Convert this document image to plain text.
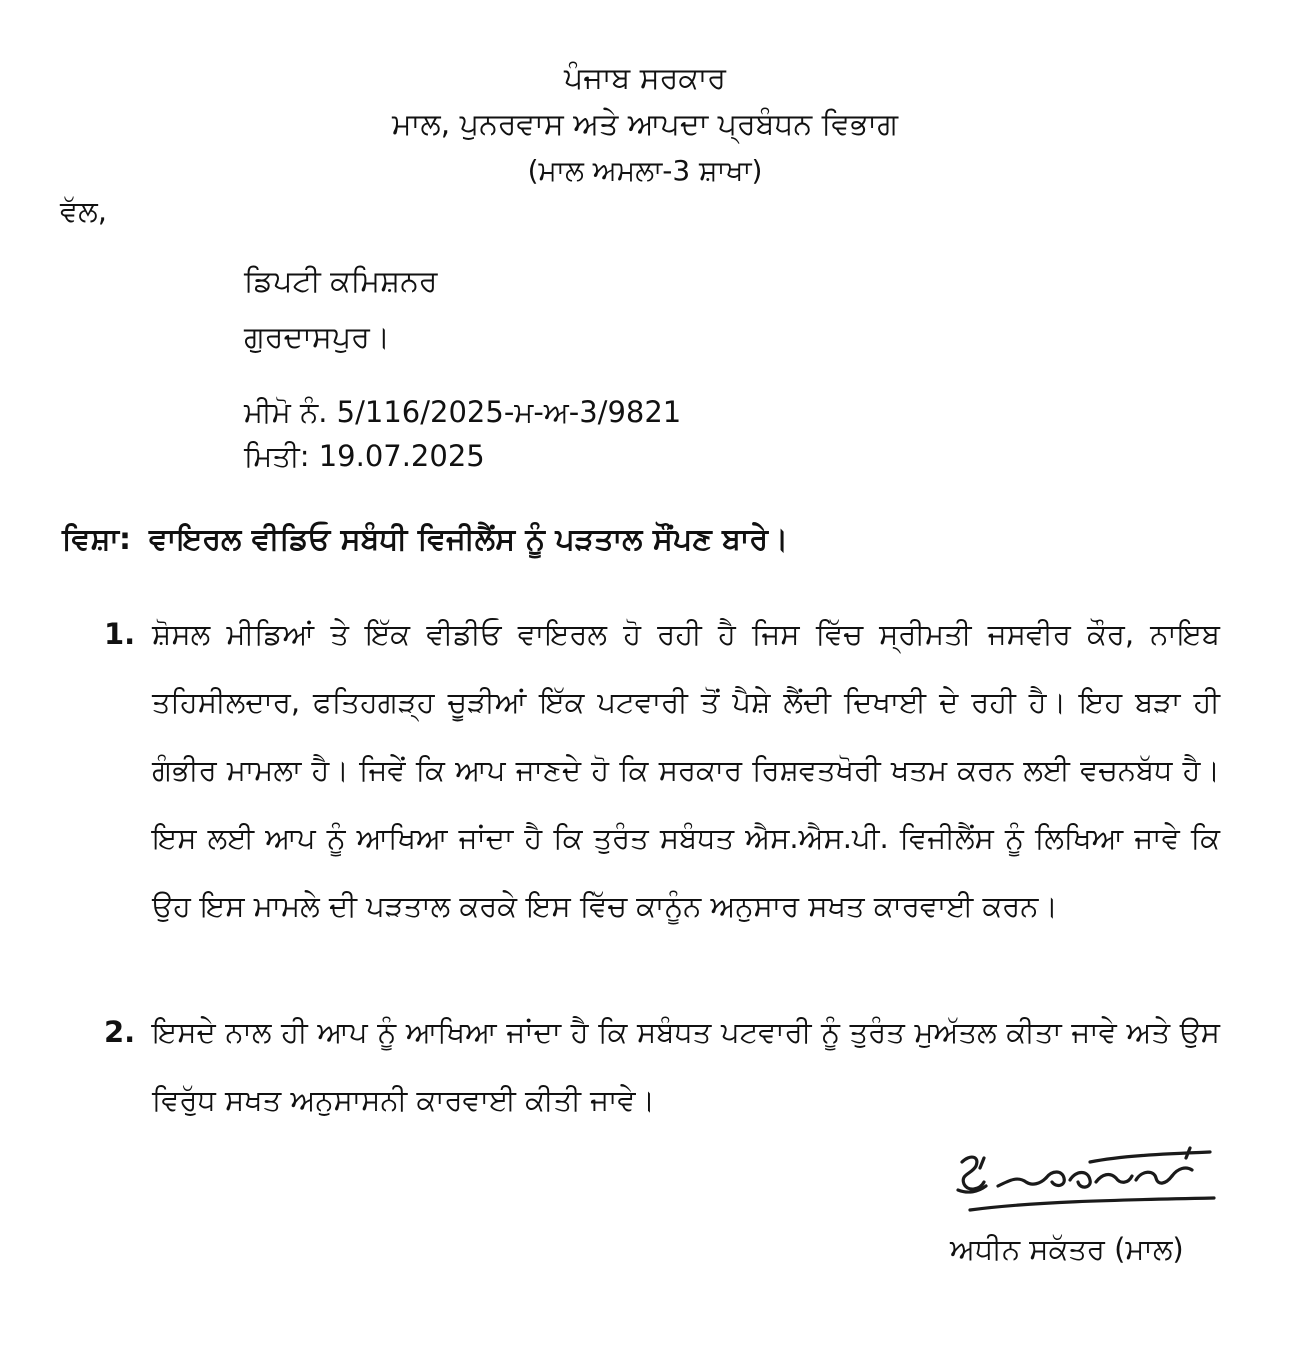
ਪੰਜਾਬ ਸਰਕਾਰ
ਮਾਲ, ਪੁਨਰਵਾਸ ਅਤੇ ਆਪਦਾ ਪ੍ਰਬੰਧਨ ਵਿਭਾਗ
(ਮਾਲ ਅਮਲਾ-3 ਸ਼ਾਖਾ)
ਵੱਲ,
ਡਿਪਟੀ ਕਮਿਸ਼ਨਰ
ਗੁਰਦਾਸਪੁਰ।
ਮੀਮੋ ਨੰ. 5/116/2025-ਮ-ਅ-3/9821
ਮਿਤੀ: 19.07.2025
ਵਿਸ਼ਾ: ਵਾਇਰਲ ਵੀਡਿਓ ਸਬੰਧੀ ਵਿਜੀਲੈਂਸ ਨੂੰ ਪੜਤਾਲ ਸੌਂਪਣ ਬਾਰੇ।
1. ਸ਼ੋਸਲ ਮੀਡਿਆਂ ਤੇ ਇੱਕ ਵੀਡੀਓ ਵਾਇਰਲ ਹੋ ਰਹੀ ਹੈ ਜਿਸ ਵਿੱਚ ਸ੍ਰੀਮਤੀ ਜਸਵੀਰ ਕੌਰ, ਨਾਇਬ ਤਹਿਸੀਲਦਾਰ, ਫਤਿਹਗੜ੍ਹ ਚੂੜੀਆਂ ਇੱਕ ਪਟਵਾਰੀ ਤੋਂ ਪੈਸ਼ੇ ਲੈਂਦੀ ਦਿਖਾਈ ਦੇ ਰਹੀ ਹੈ। ਇਹ ਬੜਾ ਹੀ ਗੰਭੀਰ ਮਾਮਲਾ ਹੈ। ਜਿਵੇਂ ਕਿ ਆਪ ਜਾਣਦੇ ਹੋ ਕਿ ਸਰਕਾਰ ਰਿਸ਼ਵਤਖੋਰੀ ਖਤਮ ਕਰਨ ਲਈ ਵਚਨਬੱਧ ਹੈ। ਇਸ ਲਈ ਆਪ ਨੂੰ ਆਖਿਆ ਜਾਂਦਾ ਹੈ ਕਿ ਤੁਰੰਤ ਸਬੰਧਤ ਐਸ.ਐਸ.ਪੀ. ਵਿਜੀਲੈਂਸ ਨੂੰ ਲਿਖਿਆ ਜਾਵੇ ਕਿ ਉਹ ਇਸ ਮਾਮਲੇ ਦੀ ਪੜਤਾਲ ਕਰਕੇ ਇਸ ਵਿੱਚ ਕਾਨੂੰਨ ਅਨੁਸਾਰ ਸਖਤ ਕਾਰਵਾਈ ਕਰਨ।
2. ਇਸਦੇ ਨਾਲ ਹੀ ਆਪ ਨੂੰ ਆਖਿਆ ਜਾਂਦਾ ਹੈ ਕਿ ਸਬੰਧਤ ਪਟਵਾਰੀ ਨੂੰ ਤੁਰੰਤ ਮੁਅੱਤਲ ਕੀਤਾ ਜਾਵੇ ਅਤੇ ਉਸ ਵਿਰੁੱਧ ਸਖਤ ਅਨੁਸਾਸਨੀ ਕਾਰਵਾਈ ਕੀਤੀ ਜਾਵੇ।
ਅਧੀਨ ਸਕੱਤਰ (ਮਾਲ)
